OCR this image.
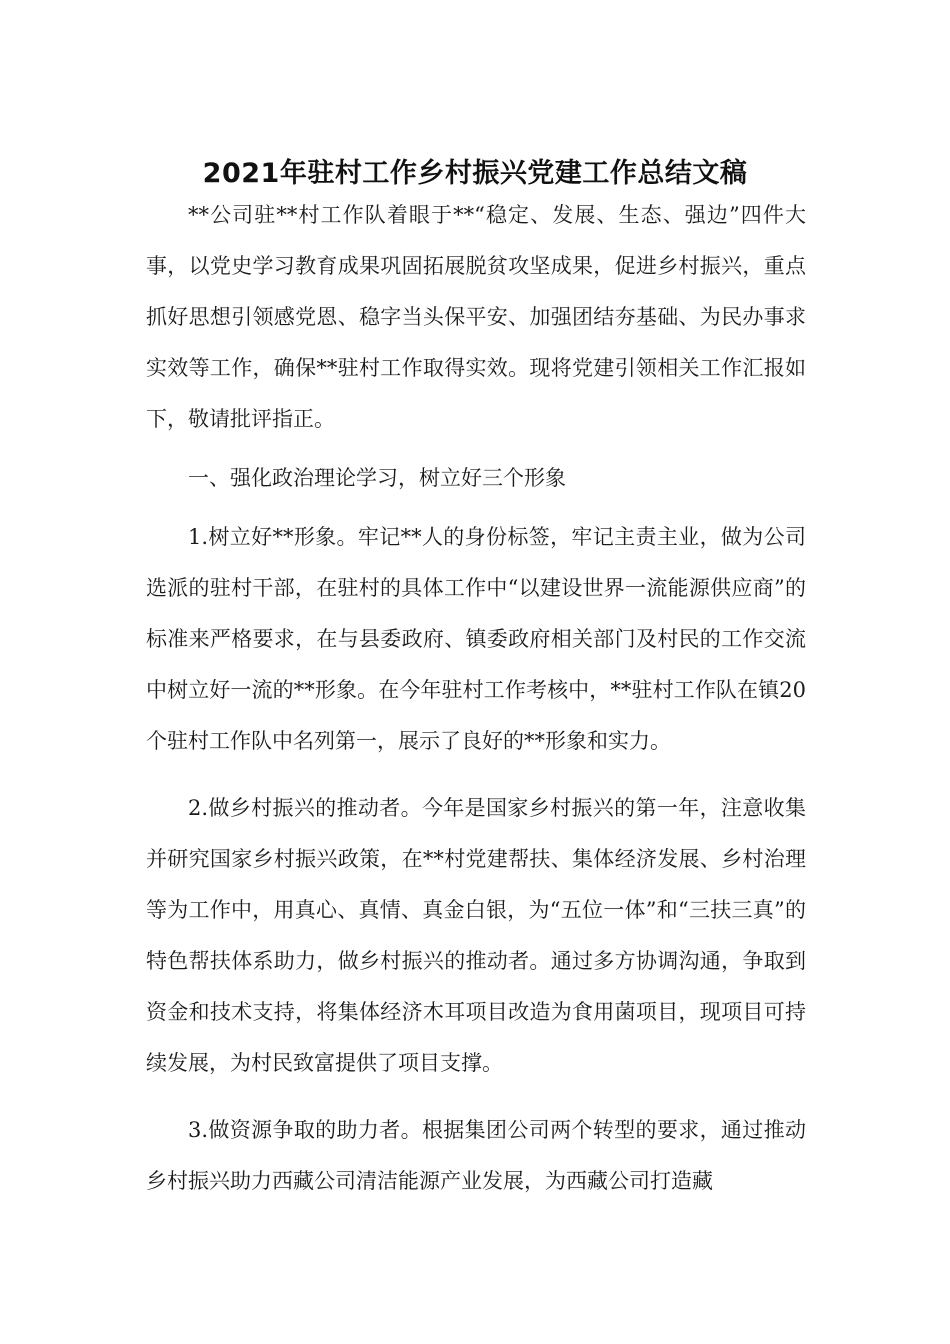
2021年驻村工作乡村振兴党建工作总结文稿

**公司驻**村工作队着眼于**“稳定、发展、生态、强边”四件大事，以党史学习教育成果巩固拓展脱贫攻坚成果，促进乡村振兴，重点抓好思想引领感党恩、稳字当头保平安、加强团结夯基础、为民办事求实效等工作，确保**驻村工作取得实效。现将党建引领相关工作汇报如下，敬请批评指正。

一、强化政治理论学习，树立好三个形象

1.树立好**形象。牢记**人的身份标签，牢记主责主业，做为公司选派的驻村干部，在驻村的具体工作中“以建设世界一流能源供应商”的标准来严格要求，在与县委政府、镇委政府相关部门及村民的工作交流中树立好一流的**形象。在今年驻村工作考核中，**驻村工作队在镇20个驻村工作队中名列第一，展示了良好的**形象和实力。

2.做乡村振兴的推动者。今年是国家乡村振兴的第一年，注意收集并研究国家乡村振兴政策，在**村党建帮扶、集体经济发展、乡村治理等为工作中，用真心、真情、真金白银，为“五位一体”和“三扶三真”的特色帮扶体系助力，做乡村振兴的推动者。通过多方协调沟通，争取到资金和技术支持，将集体经济木耳项目改造为食用菌项目，现项目可持续发展，为村民致富提供了项目支撑。

3.做资源争取的助力者。根据集团公司两个转型的要求，通过推动乡村振兴助力西藏公司清洁能源产业发展，为西藏公司打造藏
